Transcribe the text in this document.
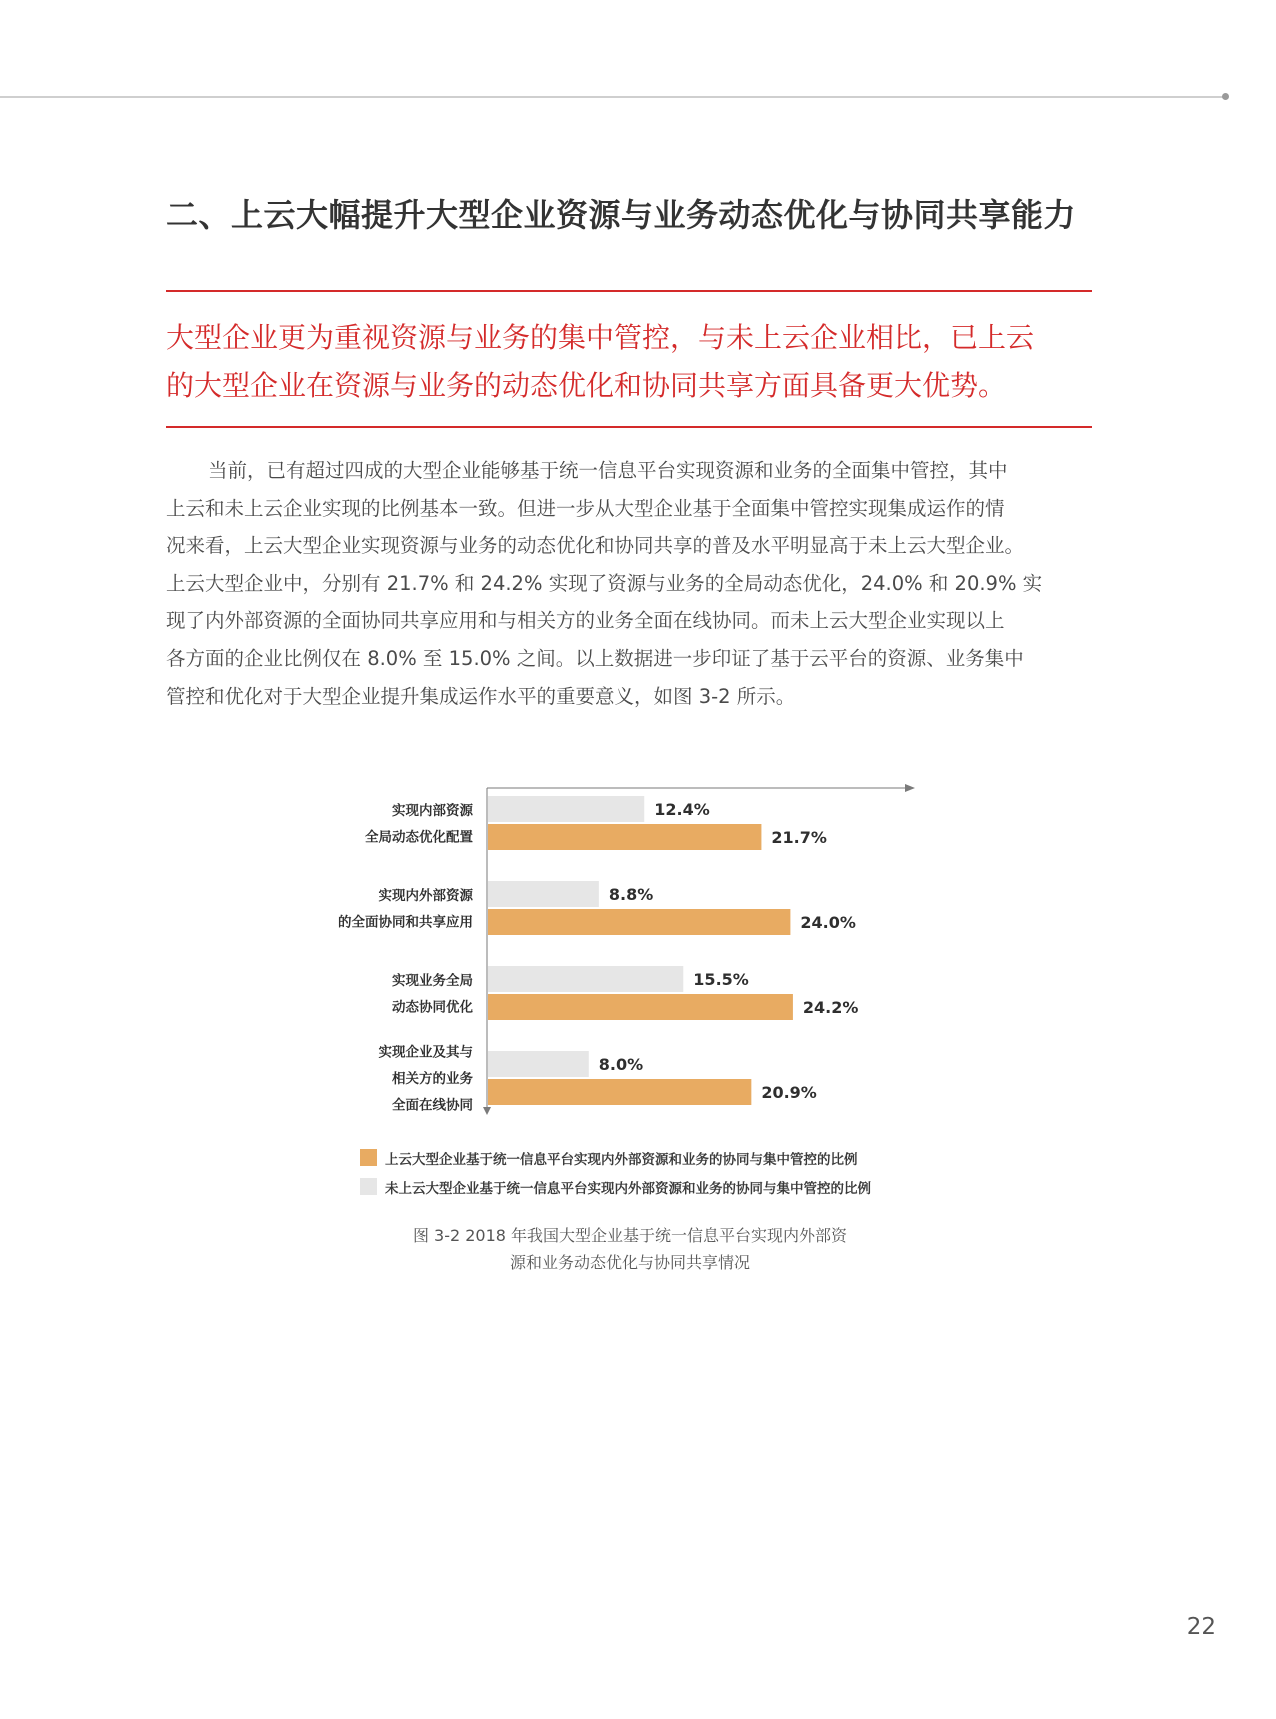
二、上云大幅提升大型企业资源与业务动态优化与协同共享能力

大型企业更为重视资源与业务的集中管控，与未上云企业相比，已上云

的大型企业在资源与业务的动态优化和协同共享方面具备更大优势。

当前，已有超过四成的大型企业能够基于统一信息平台实现资源和业务的全面集中管控，其中

上云和未上云企业实现的比例基本一致。但进一步从大型企业基于全面集中管控实现集成运作的情

况来看，上云大型企业实现资源与业务的动态优化和协同共享的普及水平明显高于未上云大型企业。

上云大型企业中，分别有 21.7% 和 24.2% 实现了资源与业务的全局动态优化，24.0% 和 20.9% 实

现了内外部资源的全面协同共享应用和与相关方的业务全面在线协同。而未上云大型企业实现以上

各方面的企业比例仅在 8.0% 至 15.0% 之间。以上数据进一步印证了基于云平台的资源、业务集中

管控和优化对于大型企业提升集成运作水平的重要意义，如图 3-2 所示。

12.4%
21.7%
实现内部资源
全局动态优化配置
8.8%
24.0%
实现内外部资源
的全面协同和共享应用
15.5%
24.2%
实现业务全局
动态协同优化
8.0%
20.9%
实现企业及其与
相关方的业务
全面在线协同
上云大型企业基于统一信息平台实现内外部资源和业务的协同与集中管控的比例
未上云大型企业基于统一信息平台实现内外部资源和业务的协同与集中管控的比例
图 3-2 2018 年我国大型企业基于统一信息平台实现内外部资
源和业务动态优化与协同共享情况
22
